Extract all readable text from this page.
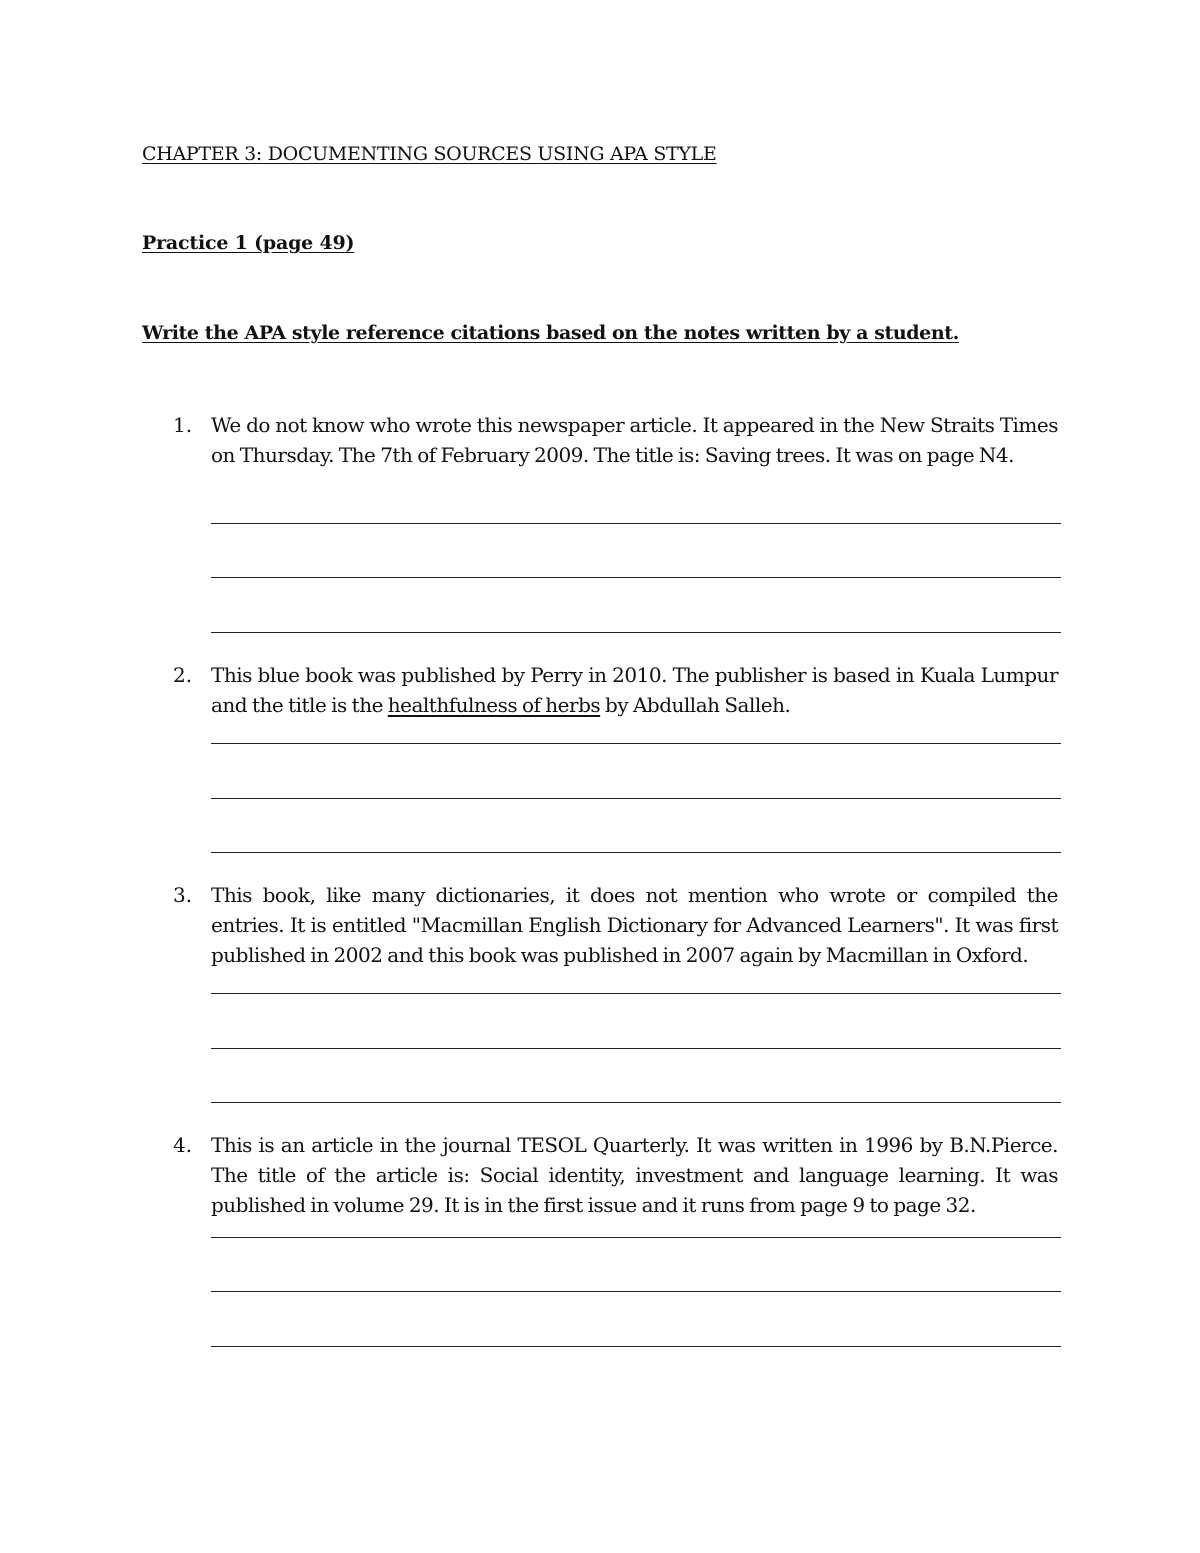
CHAPTER 3: DOCUMENTING SOURCES USING APA STYLE
Practice 1 (page 49)
Write the APA style reference citations based on the notes written by a student.
1. We do not know who wrote this newspaper article. It appeared in the New Straits Times on Thursday. The 7th of February 2009. The title is: Saving trees. It was on page N4.
2. This blue book was published by Perry in 2010. The publisher is based in Kuala Lumpur and the title is the healthfulness of herbs by Abdullah Salleh.
3. This book, like many dictionaries, it does not mention who wrote or compiled the entries. It is entitled "Macmillan English Dictionary for Advanced Learners". It was first published in 2002 and this book was published in 2007 again by Macmillan in Oxford.
4. This is an article in the journal TESOL Quarterly. It was written in 1996 by B.N.Pierce. The title of the article is: Social identity, investment and language learning. It was published in volume 29. It is in the first issue and it runs from page 9 to page 32.
